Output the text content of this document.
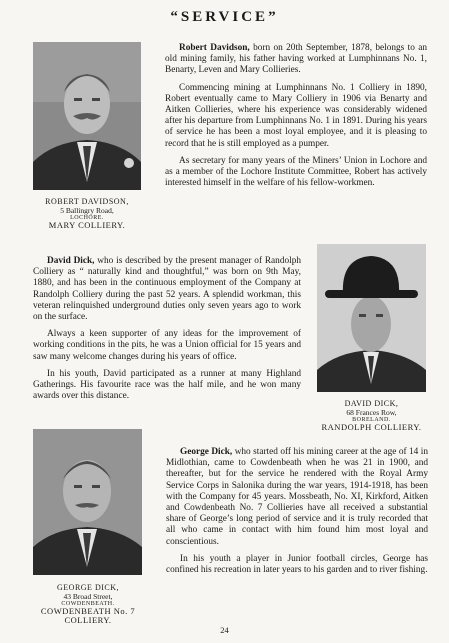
“SERVICE”
ROBERT DAVIDSON,
5 Ballingry Road,
LOCHORE.
MARY COLLIERY.

Robert Davidson, born on 20th September, 1878, belongs to an old mining family, his father having worked at Lumphinnans No. 1, Benarty, Leven and Mary Collieries.

Commencing mining at Lumphinnans No. 1 Colliery in 1890, Robert eventually came to Mary Colliery in 1906 via Benarty and Aitken Collieries, where his experience was considerably widened after his departure from Lumphinnans No. 1 in 1891. During his years of service he has been a most loyal employee, and it is pleasing to record that he is still employed as a pumper.

As secretary for many years of the Miners’ Union in Lochore and as a member of the Lochore Institute Committee, Robert has actively interested himself in the welfare of his fellow-workmen.

David Dick, who is described by the present manager of Randolph Colliery as “ naturally kind and thoughtful,” was born on 9th May, 1880, and has been in the continuous employment of the Company at Randolph Colliery during the past 52 years. A splendid workman, this veteran relinquished underground duties only seven years ago to work on the surface.

Always a keen supporter of any ideas for the improvement of working conditions in the pits, he was a Union official for 15 years and saw many welcome changes during his years of office.

In his youth, David participated as a runner at many Highland Gatherings. His favourite race was the half mile, and he won many awards over this distance.

DAVID DICK,
68 Frances Row,
BORELAND.
RANDOLPH COLLIERY.
GEORGE DICK,
43 Broad Street,
COWDENBEATH.
COWDENBEATH No. 7 COLLIERY.

George Dick, who started off his mining career at the age of 14 in Midlothian, came to Cowdenbeath when he was 21 in 1900, and thereafter, but for the service he rendered with the Royal Army Service Corps in Salonika during the war years, 1914-1918, has been with the Company for 45 years. Mossbeath, No. XI, Kirkford, Aitken and Cowdenbeath No. 7 Collieries have all received a substantial share of George’s long period of service and it is truly recorded that all who came in contact with him found him most loyal and conscientious.

In his youth a player in Junior football circles, George has confined his recreation in later years to his garden and to river fishing.

24
